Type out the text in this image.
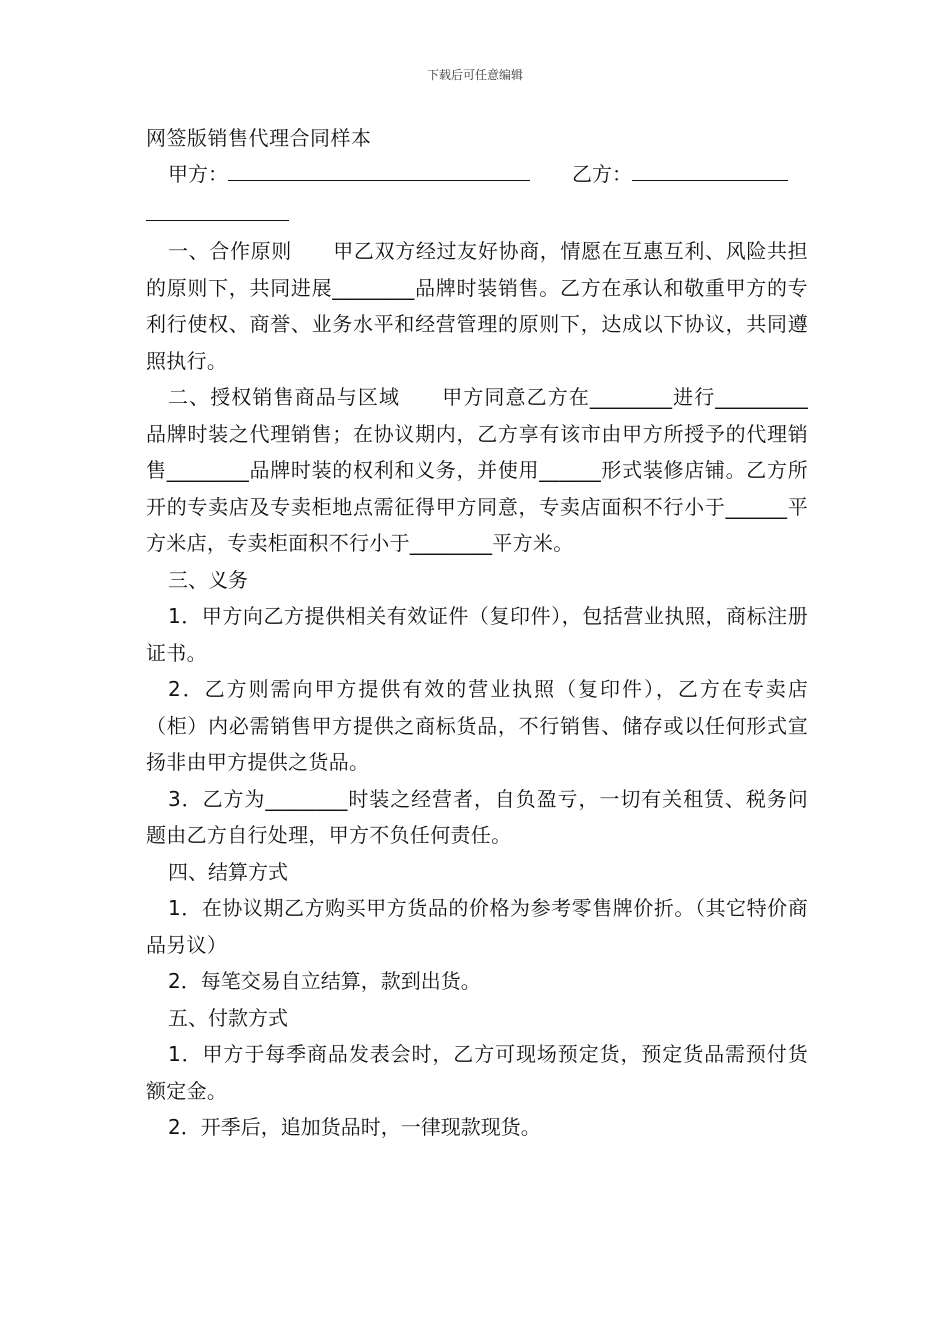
下载后可任意编辑
网签版销售代理合同样本
甲方：	乙方：

一、合作原则　　甲乙双方经过友好协商，情愿在互惠互利、风险共担的原则下，共同进展________品牌时装销售。乙方在承认和敬重甲方的专利行使权、商誉、业务水平和经营管理的原则下，达成以下协议，共同遵照执行。

二、授权销售商品与区域　　甲方同意乙方在________进行_________品牌时装之代理销售；在协议期内，乙方享有该市由甲方所授予的代理销售________品牌时装的权利和义务，并使用______形式装修店铺。乙方所开的专卖店及专卖柜地点需征得甲方同意，专卖店面积不行小于______平方米店，专卖柜面积不行小于________平方米。

三、义务

1．甲方向乙方提供相关有效证件（复印件），包括营业执照，商标注册证书。

2．乙方则需向甲方提供有效的营业执照（复印件），乙方在专卖店（柜）内必需销售甲方提供之商标货品，不行销售、储存或以任何形式宣扬非由甲方提供之货品。

3．乙方为________时装之经营者，自负盈亏，一切有关租赁、税务问题由乙方自行处理，甲方不负任何责任。

四、结算方式

1．在协议期乙方购买甲方货品的价格为参考零售牌价折。（其它特价商品另议）

2．每笔交易自立结算，款到出货。

五、付款方式

1．甲方于每季商品发表会时，乙方可现场预定货，预定货品需预付货额定金。

2．开季后，追加货品时，一律现款现货。
